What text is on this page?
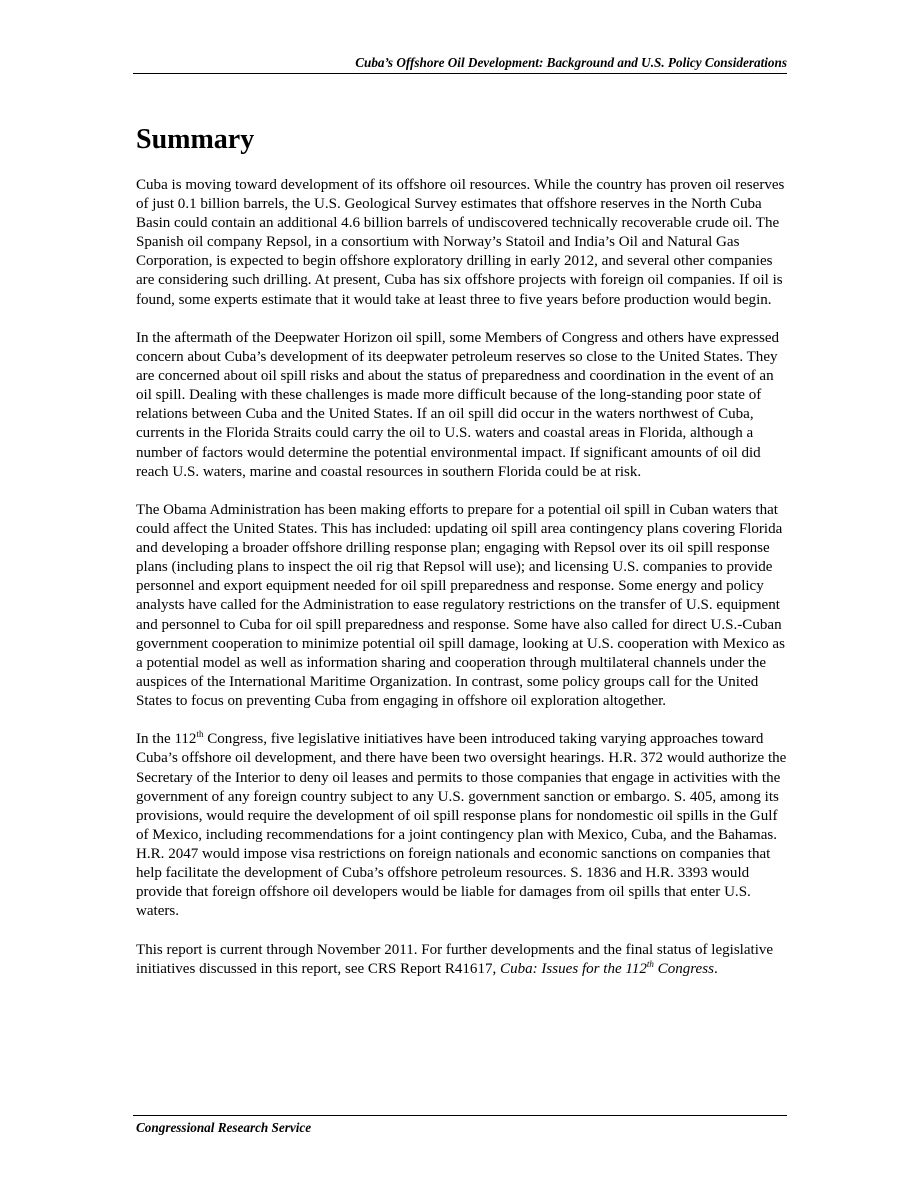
Cuba’s Offshore Oil Development: Background and U.S. Policy Considerations
Summary

Cuba is moving toward development of its offshore oil resources. While the country has proven oil reserves of just 0.1 billion barrels, the U.S. Geological Survey estimates that offshore reserves in the North Cuba Basin could contain an additional 4.6 billion barrels of undiscovered technically recoverable crude oil. The Spanish oil company Repsol, in a consortium with Norway’s Statoil and India’s Oil and Natural Gas Corporation, is expected to begin offshore exploratory drilling in early 2012, and several other companies are considering such drilling. At present, Cuba has six offshore projects with foreign oil companies. If oil is found, some experts estimate that it would take at least three to five years before production would begin.

In the aftermath of the Deepwater Horizon oil spill, some Members of Congress and others have expressed concern about Cuba’s development of its deepwater petroleum reserves so close to the United States. They are concerned about oil spill risks and about the status of preparedness and coordination in the event of an oil spill. Dealing with these challenges is made more difficult because of the long-standing poor state of relations between Cuba and the United States. If an oil spill did occur in the waters northwest of Cuba, currents in the Florida Straits could carry the oil to U.S. waters and coastal areas in Florida, although a number of factors would determine the potential environmental impact. If significant amounts of oil did reach U.S. waters, marine and coastal resources in southern Florida could be at risk.

The Obama Administration has been making efforts to prepare for a potential oil spill in Cuban waters that could affect the United States. This has included: updating oil spill area contingency plans covering Florida and developing a broader offshore drilling response plan; engaging with Repsol over its oil spill response plans (including plans to inspect the oil rig that Repsol will use); and licensing U.S. companies to provide personnel and export equipment needed for oil spill preparedness and response. Some energy and policy analysts have called for the Administration to ease regulatory restrictions on the transfer of U.S. equipment and personnel to Cuba for oil spill preparedness and response. Some have also called for direct U.S.-Cuban government cooperation to minimize potential oil spill damage, looking at U.S. cooperation with Mexico as a potential model as well as information sharing and cooperation through multilateral channels under the auspices of the International Maritime Organization. In contrast, some policy groups call for the United States to focus on preventing Cuba from engaging in offshore oil exploration altogether.

In the 112th Congress, five legislative initiatives have been introduced taking varying approaches toward Cuba’s offshore oil development, and there have been two oversight hearings. H.R. 372 would authorize the Secretary of the Interior to deny oil leases and permits to those companies that engage in activities with the government of any foreign country subject to any U.S. government sanction or embargo. S. 405, among its provisions, would require the development of oil spill response plans for nondomestic oil spills in the Gulf of Mexico, including recommendations for a joint contingency plan with Mexico, Cuba, and the Bahamas. H.R. 2047 would impose visa restrictions on foreign nationals and economic sanctions on companies that help facilitate the development of Cuba’s offshore petroleum resources. S. 1836 and H.R. 3393 would provide that foreign offshore oil developers would be liable for damages from oil spills that enter U.S. waters.

This report is current through November 2011. For further developments and the final status of legislative initiatives discussed in this report, see CRS Report R41617, Cuba: Issues for the 112th Congress.

Congressional Research Service
